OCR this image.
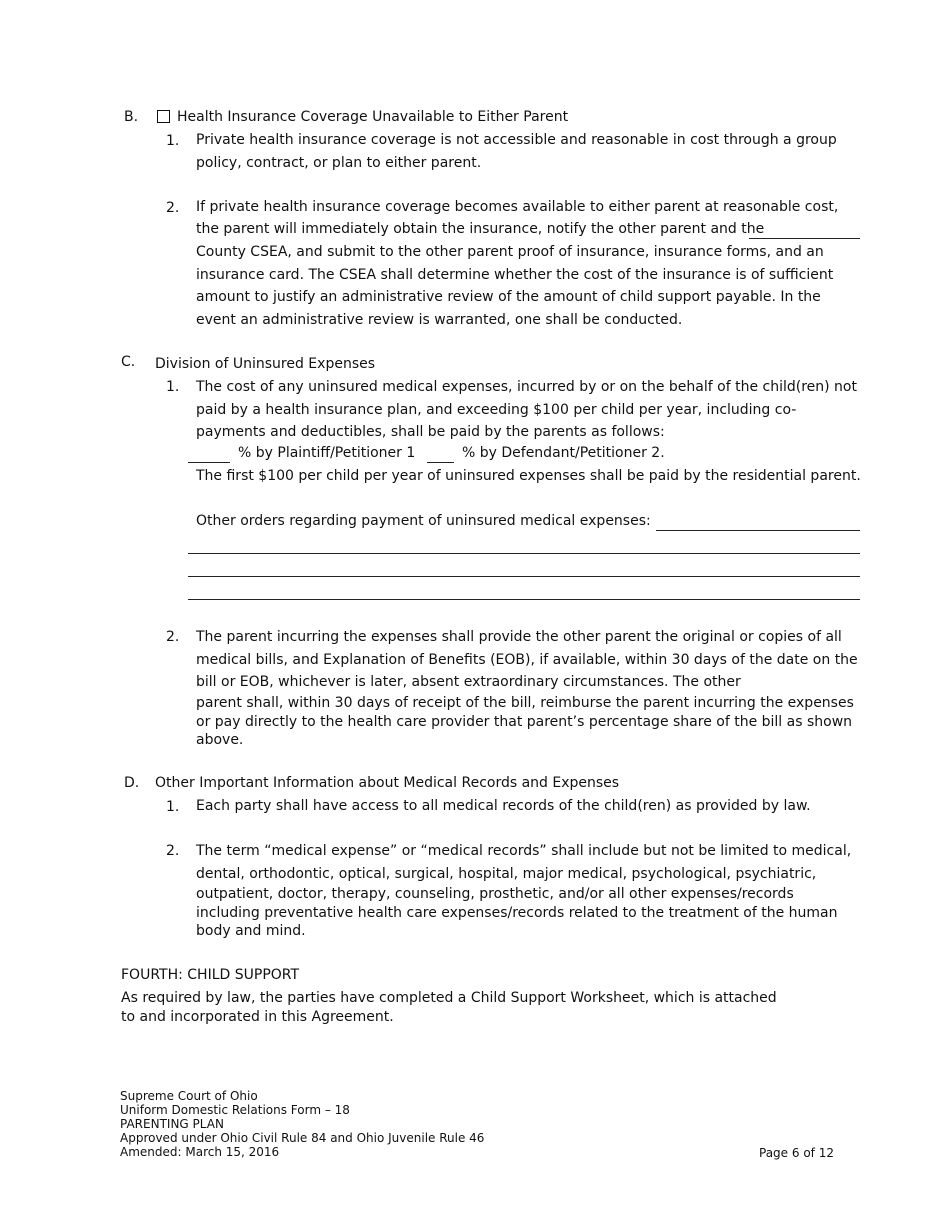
B.	Health Insurance Coverage Unavailable to Either Parent
1. Private health insurance coverage is not accessible and reasonable in cost through a group policy, contract, or plan to either parent.
2. If private health insurance coverage becomes available to either parent at reasonable cost,
the parent will immediately obtain the insurance, notify the other parent and the
County CSEA, and submit to the other parent proof of insurance, insurance forms, and an insurance card. The CSEA shall determine whether the cost of the insurance is of sufficient amount to justify an administrative review of the amount of child support payable. In the event an administrative review is warranted, one shall be conducted.
C. Division of Uninsured Expenses
1. The cost of any uninsured medical expenses, incurred by or on the behalf of the child(ren) not paid by a health insurance plan, and exceeding $100 per child per year, including co-payments and deductibles, shall be paid by the parents as follows:
% by Plaintiff/Petitioner 1	% by Defendant/Petitioner 2.
The first $100 per child per year of uninsured expenses shall be paid by the residential parent.
Other orders regarding payment of uninsured medical expenses:
2. The parent incurring the expenses shall provide the other parent the original or copies of all medical bills, and Explanation of Benefits (EOB), if available, within 30 days of the date on the bill or EOB, whichever is later, absent extraordinary circumstances. The other
parent shall, within 30 days of receipt of the bill, reimburse the parent incurring the expenses or pay directly to the health care provider that parent’s percentage share of the bill as shown above.
D. Other Important Information about Medical Records and Expenses
1. Each party shall have access to all medical records of the child(ren) as provided by law.
2. The term “medical expense” or “medical records” shall include but not be limited to medical, dental, orthodontic, optical, surgical, hospital, major medical, psychological, psychiatric,
outpatient, doctor, therapy, counseling, prosthetic, and/or all other expenses/records including preventative health care expenses/records related to the treatment of the human body and mind.
FOURTH: CHILD SUPPORT
As required by law, the parties have completed a Child Support Worksheet, which is attached to and incorporated in this Agreement.
Supreme Court of Ohio
Uniform Domestic Relations Form – 18
PARENTING PLAN
Approved under Ohio Civil Rule 84 and Ohio Juvenile Rule 46
Amended: March 15, 2016	Page 6 of 12
